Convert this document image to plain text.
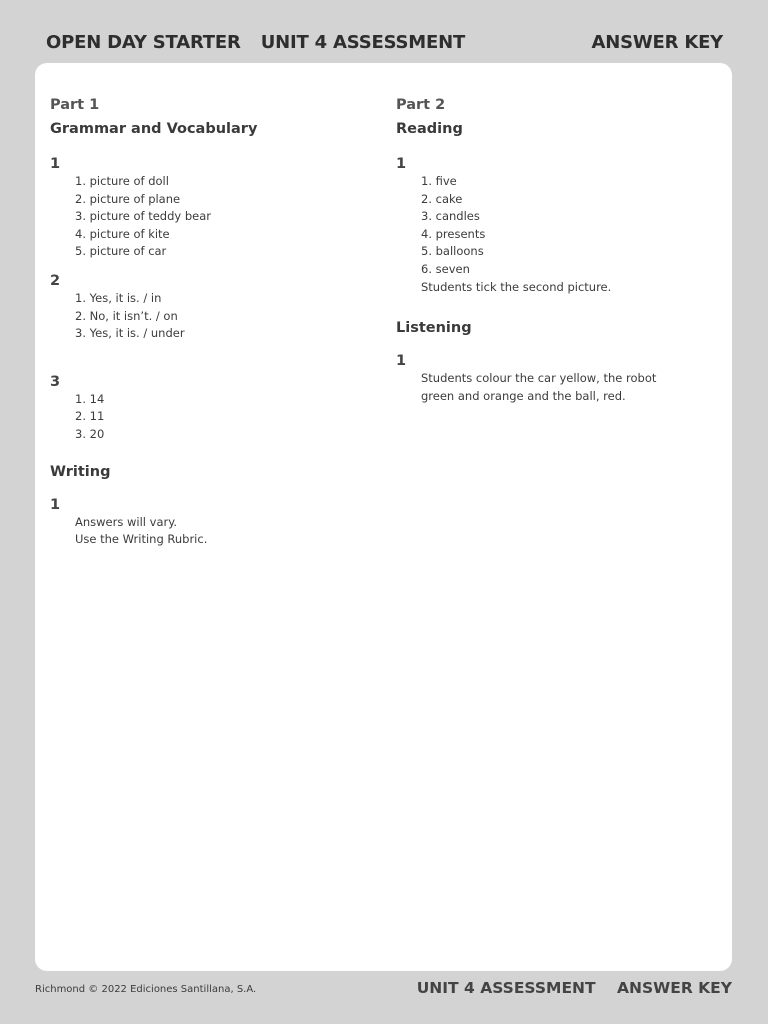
OPEN DAY STARTER UNIT 4 ASSESSMENT	ANSWER KEY

Part 1

Grammar and Vocabulary

1

1. picture of doll
2. picture of plane
3. picture of teddy bear
4. picture of kite
5. picture of car

2

1. Yes, it is. / in
2. No, it isn’t. / on
3. Yes, it is. / under

3

1. 14
2. 11
3. 20

Writing

1

Answers will vary.
Use the Writing Rubric.

Part 2

Reading

1

1. five
2. cake
3. candles
4. presents
5. balloons
6. seven
Students tick the second picture.

Listening

1

Students colour the car yellow, the robot
green and orange and the ball, red.
Richmond © 2022 Ediciones Santillana, S.A.	UNIT 4 ASSESSMENT ANSWER KEY
